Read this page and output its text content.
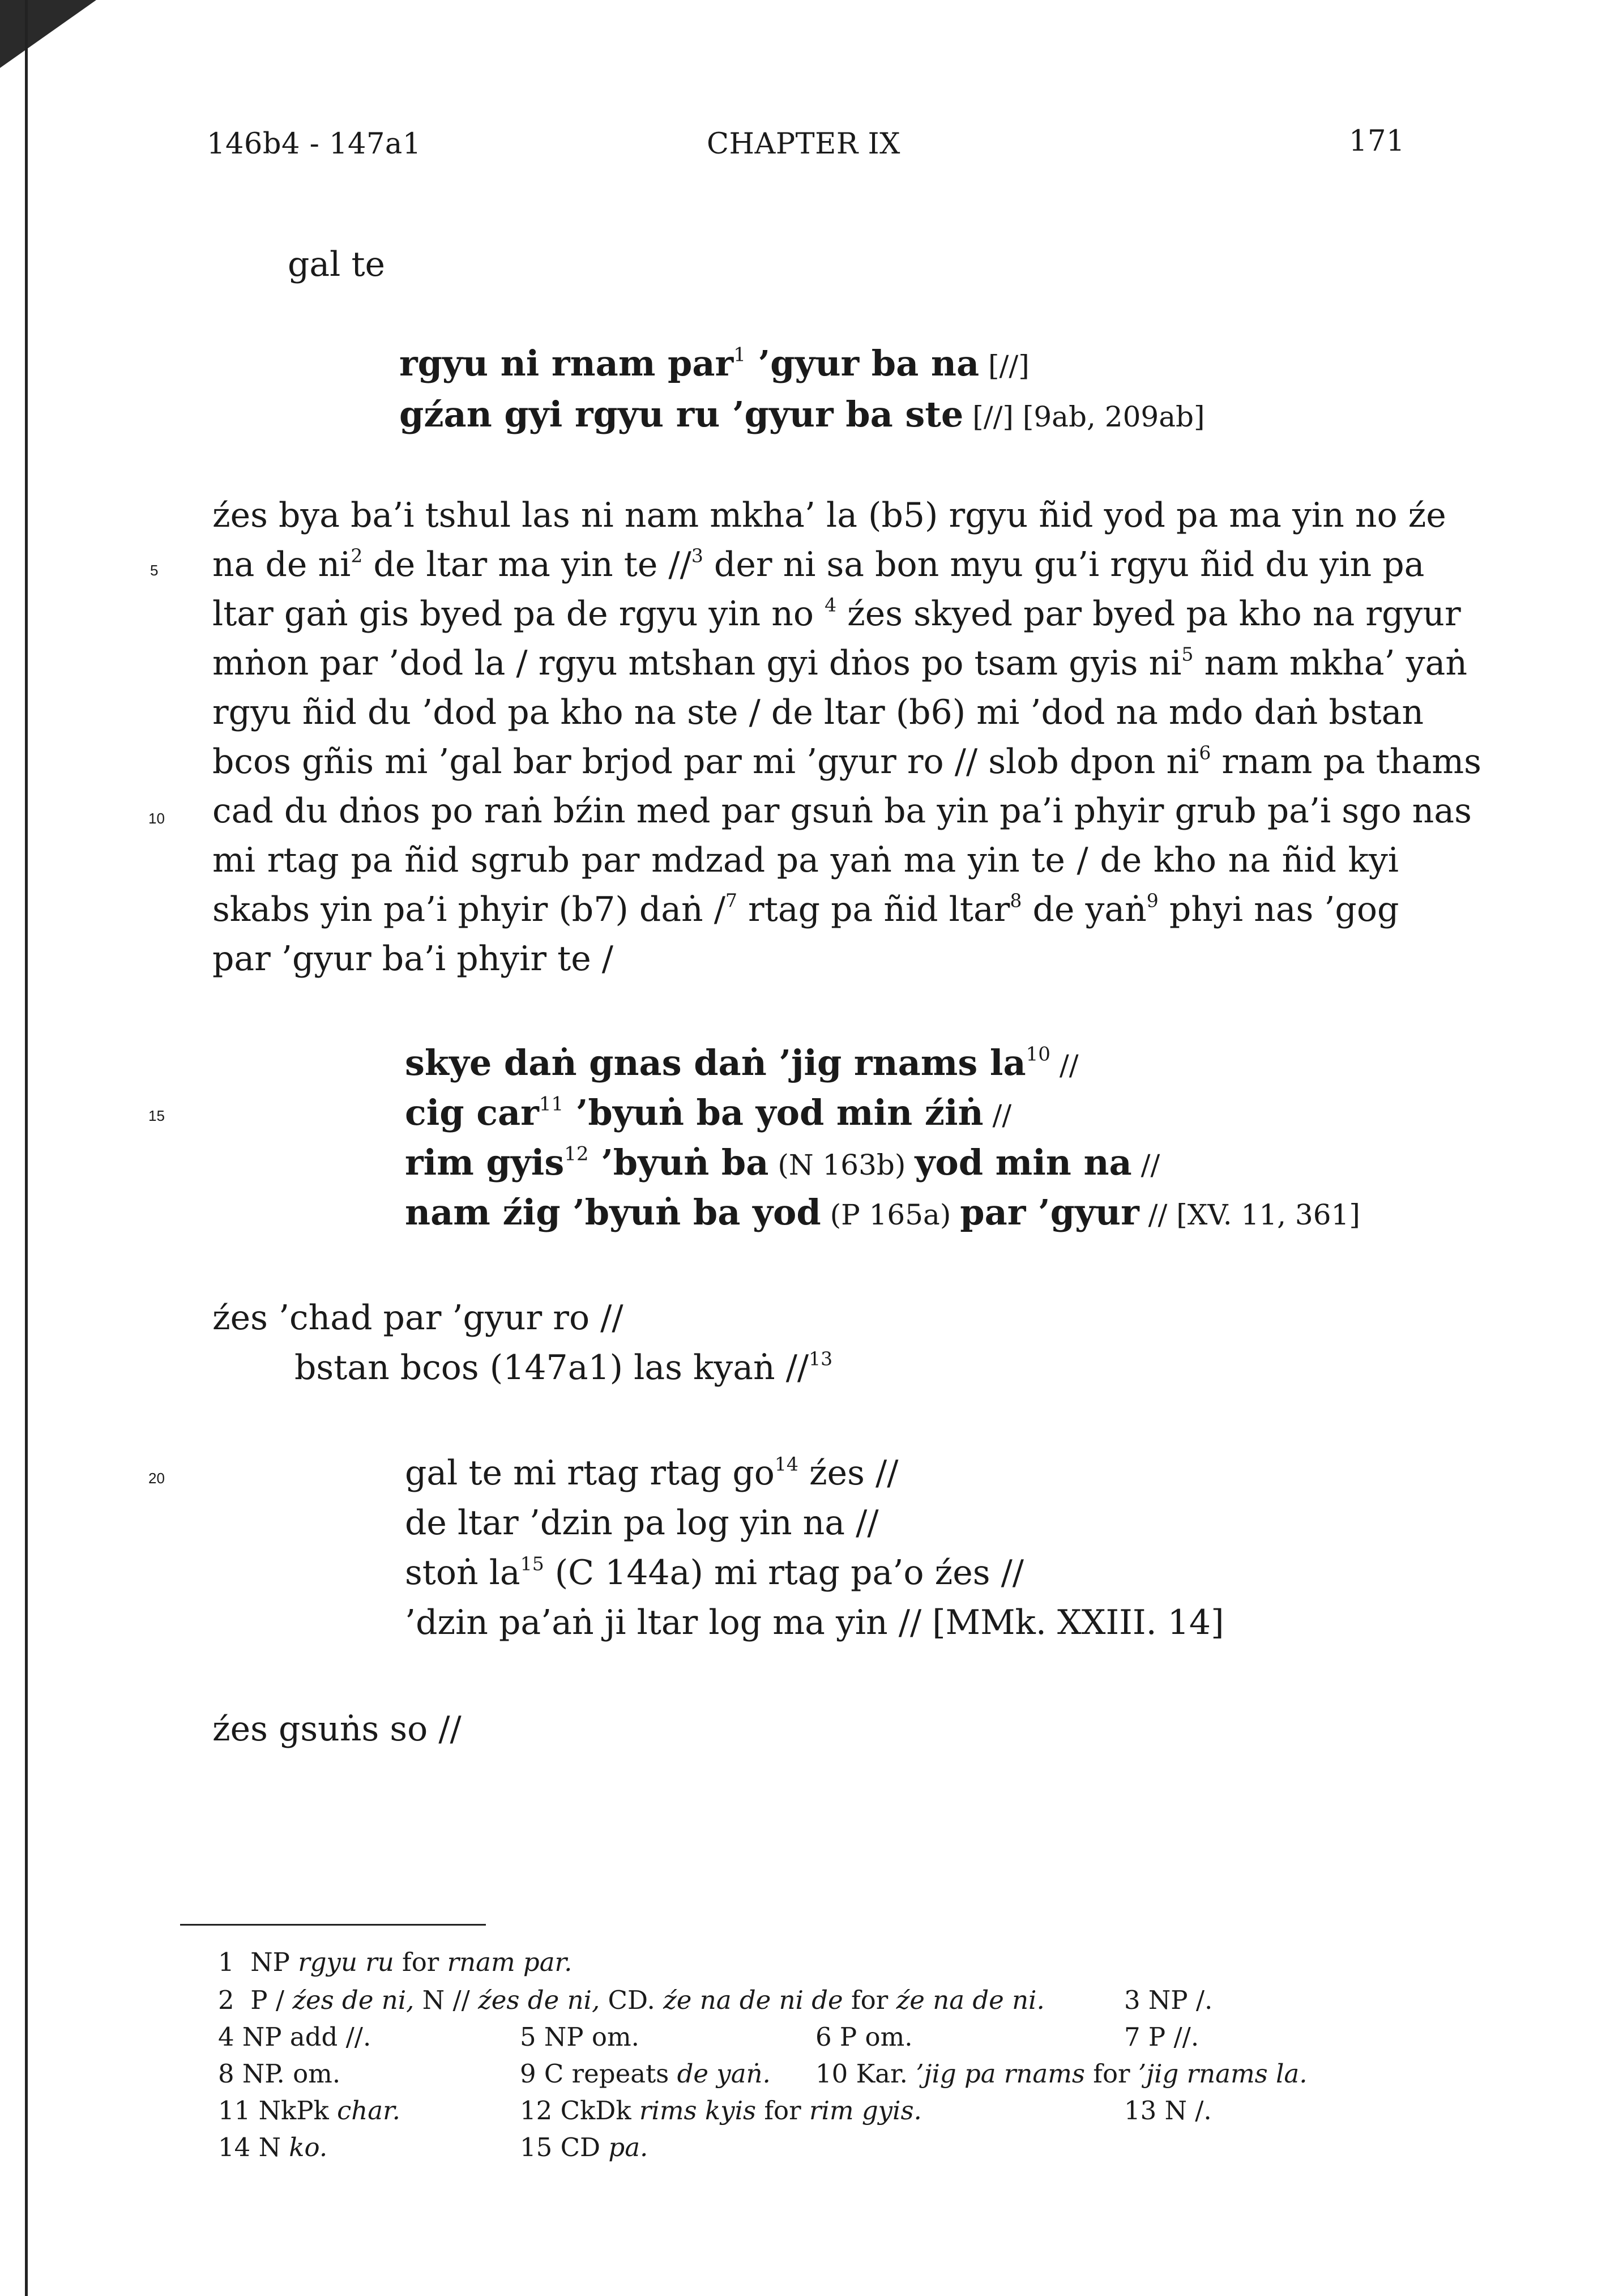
146b4 - 147a1	CHAPTER IX	171
gal te
rgyu ni rnam par$^1$ ’gyur ba na [//]
gźan gyi rgyu ru ’gyur ba ste [//] [9ab, 209ab]
źes bya ba’i tshul las ni nam mkha’ la (b5) rgyu ñid yod pa ma yin no źe
na de $ni^2$ de ltar ma yin te //$^3$ der ni sa bon myu gu’i rgyu ñid du yin pa
ltar gaṅ gis byed pa de rgyu yin no $^4$ źes skyed par byed pa kho na rgyur
mṅon par ’dod la / rgyu mtshan gyi dṅos po tsam gyis $ni^5$ nam mkha’ yaṅ
rgyu ñid du ’dod pa kho na ste / de ltar (b6) mi ’dod na mdo daṅ bstan
bcos gñis mi ’gal bar brjod par mi ’gyur ro // slob dpon $ni^6$ rnam pa thams
cad du dṅos po raṅ bźin med par gsuṅ ba yin pa’i phyir grub pa’i sgo nas
mi rtag pa ñid sgrub par mdzad pa yaṅ ma yin te / de kho na ñid kyi
skabs yin pa’i phyir (b7) daṅ /$^7$ rtag pa ñid ltar$^8$ de yaṅ$^9$ phyi nas ’gog
par ’gyur ba’i phyir te /
skye daṅ gnas daṅ ’jig rnams $la^{10}$ //
cig car$^{11}$ ’byuṅ ba yod min źiṅ //
rim gyis$^{12}$ ’byuṅ ba (N 163b) yod min na //
nam źig ’byuṅ ba yod (P 165a) par ’gyur // [XV. 11, 361]
źes ’chad par ’gyur ro //
bstan bcos (147a1) las kyaṅ //$^{13}$
gal te mi rtag rtag $go^{14}$ źes //
de ltar ’dzin pa log yin na //
stoṅ $la^{15}$ (C 144a) mi rtag pa’o źes //
’dzin pa’aṅ ji ltar log ma yin // [MMk. XXIII. 14]
źes gsuṅs so //
5
10
15
20
1 NP rgyu ru for rnam par.
2 P / źes de ni, N // źes de ni, CD. źe na de ni de for źe na de ni.	3 NP /.
4 NP add //.	5 NP om.	6 P om.	7 P //.
8 NP. om.	9 C repeats de yaṅ. 10 Kar. ’jig pa rnams for ’jig rnams la.
11 NkPk char.	12 CkDk rims kyis for rim gyis.	13 N /.
14 N ko.	15 CD pa.
